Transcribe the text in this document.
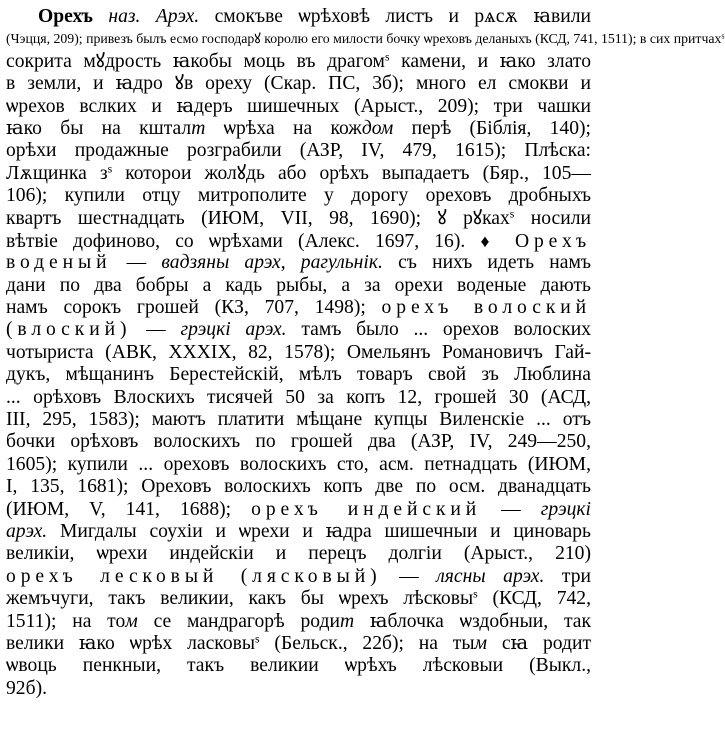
Орехъ наз. Арэх. смокъве ѡрѣховѣ листъ и рѧсѫ ꙗвили
(Чэцця, 209); привезъ былъ есмо господарꙋ королю его милости бочку ѡреховъ деланыхъ (КСД, 741, 1511); в сих притчах$^s$
сокрита мꙋдрость ꙗкобы моць въ драгом$^s$ камени, и ꙗко злато
в земли, и ꙗдро ꙋв ореху (Скар. ПС, 3б); много ел смокви и
ѡрехов вслких и ꙗдеръ шишечных (Арыст., 209); три чашки
ꙗко бы на кшталт ѡрѣха на кождом перѣ (Біблія, 140);
орѣхи продажные розграбили (АЗР, IV, 479, 1615); Плѣска:
Лѫщинка $з^s$ которои жолꙋдь або орѣхъ выпадаетъ (Бяр., 105—
106); купили отцу митрополите у дорогу ореховъ дробныхъ
квартъ шестнадцать (ИЮМ, VII, 98, 1690); ꙋ рꙋках$^s$ носили
вѣтвіе дофиново, со ѡрѣхами (Алекс. 1697, 16). ♦ Орехъ
воденый — вадзяны арэх, рагульнік. съ нихъ идеть намъ
дани по два бобры а кадь рыбы, а за орехи воденые дають
намъ сорокъ грошей (КЗ, 707, 1498); орехъ волоский
(влоский) — грэцкі арэх. тамъ было ... орехов волоских
чотыриста (АВК, XXXIX, 82, 1578); Омельянъ Романовичъ Гай-
дукъ, мѣщанинъ Берестейскій, мѣлъ товаръ свой зъ Люблина
... орѣховъ Влоскихъ тисячей 50 за копъ 12, грошей 30 (АСД,
III, 295, 1583); маютъ платити мѣщане купцы Виленскіе ... отъ
бочки орѣховъ волоскихъ по грошей два (АЗР, IV, 249—250,
1605); купили ... ореховъ волоскихъ сто, асм. петнадцать (ИЮМ,
I, 135, 1681); Ореховъ волоскихъ копъ две по осм. дванадцать
(ИЮМ, V, 141, 1688); орехъ индейский — грэцкі
арэх. Мигдалы соухіи и ѡрехи и ꙗдра шишечныи и циноварь
великіи, ѡрехи индейскіи и перецъ долгіи (Арыст., 210)
орехъ лесковый (лясковый) — лясны арэх. три
жемъчуги, такъ великии, какъ бы ѡрехъ лѣсковы$^s$ (КСД, 742,
1511); на том се мандрагорѣ родит ꙗблочка ѡздобныи, так
велики ꙗко ѡрѣх ласковы$^s$ (Бельск., 22б); на тым сꙗ родит
ѡвоць пенкныи, такъ великии ѡрѣхъ лѣсковыи (Выкл.,
92б).
